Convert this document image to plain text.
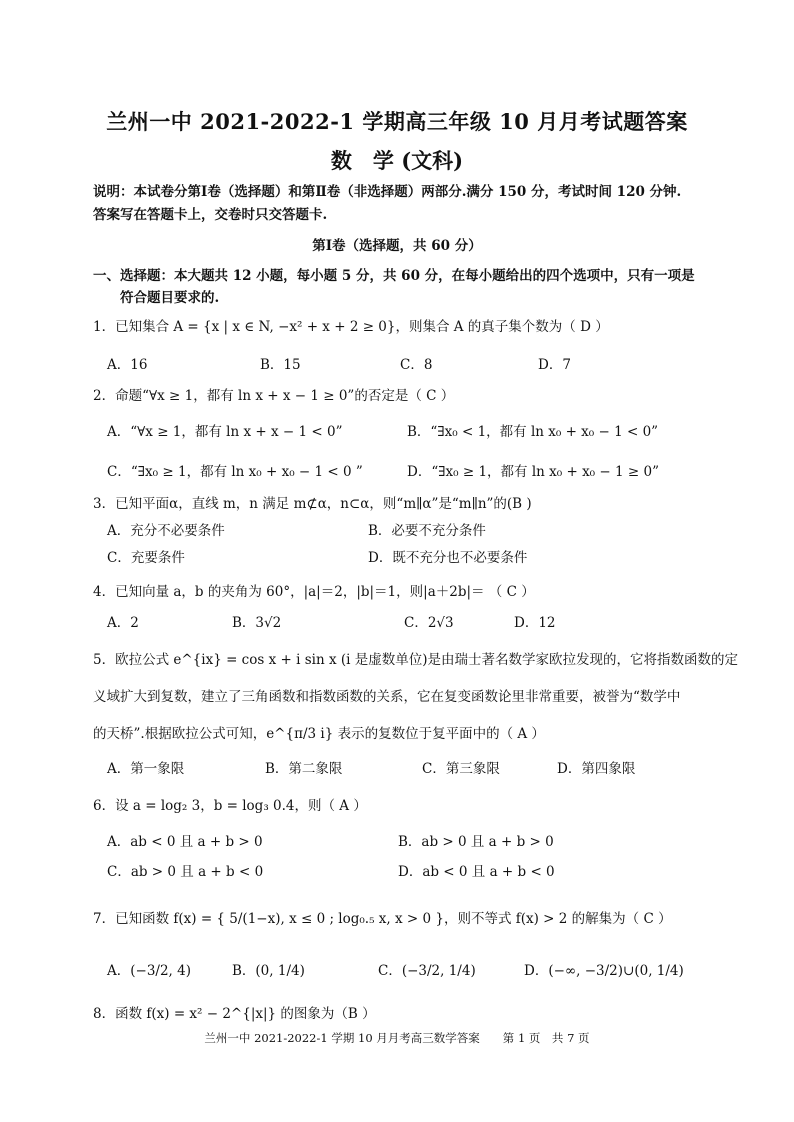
兰州一中 2021-2022-1 学期高三年级 10 月月考试题答案
数　学 (文科)
说明：本试卷分第Ⅰ卷（选择题）和第Ⅱ卷（非选择题）两部分.满分 150 分，考试时间 120 分钟.
答案写在答题卡上，交卷时只交答题卡.
第Ⅰ卷（选择题，共 60 分）
一、选择题：本大题共 12 小题，每小题 5 分，共 60 分，在每小题给出的四个选项中，只有一项是
符合题目要求的.
1．已知集合 A = {x | x ∈ N, −x² + x + 2 ≥ 0}，则集合 A 的真子集个数为（ D ）
A．16	B．15	C．8	D．7
2．命题“∀x ≥ 1，都有 ln x + x − 1 ≥ 0”的否定是（ C ）
A．“∀x ≥ 1，都有 ln x + x − 1 < 0”	B．“∃x₀ < 1，都有 ln x₀ + x₀ − 1 < 0”
C．“∃x₀ ≥ 1，都有 ln x₀ + x₀ − 1 < 0 ”	D．“∃x₀ ≥ 1，都有 ln x₀ + x₀ − 1 ≥ 0”
3．已知平面α，直线 m，n 满足 m⊄α，n⊂α，则“m∥α”是“m∥n”的(B )
A．充分不必要条件	B．必要不充分条件
C．充要条件	D．既不充分也不必要条件
4．已知向量 a，b 的夹角为 60°，|a|＝2，|b|＝1，则|a＋2b|＝ （ C ）
A．2	B．3√2	C．2√3	D．12
5．欧拉公式 e^{ix} = cos x + i sin x (i 是虚数单位)是由瑞士著名数学家欧拉发现的，它将指数函数的定
义域扩大到复数，建立了三角函数和指数函数的关系，它在复变函数论里非常重要，被誉为“数学中
的天桥”.根据欧拉公式可知，e^{π/3 i} 表示的复数位于复平面中的（ A ）
A．第一象限	B．第二象限	C．第三象限	D．第四象限
6．设 a = log₂ 3，b = log₃ 0.4，则（ A ）
A．ab < 0 且 a + b > 0	B．ab > 0 且 a + b > 0
C．ab > 0 且 a + b < 0	D．ab < 0 且 a + b < 0
7．已知函数 f(x) = { 5/(1−x), x ≤ 0 ; log₀.₅ x, x > 0 }，则不等式 f(x) > 2 的解集为（ C ）
A．(−3/2, 4)	B．(0, 1/4)	C．(−3/2, 1/4)	D．(−∞, −3/2)∪(0, 1/4)
8．函数 f(x) = x² − 2^{|x|} 的图象为（B ）
兰州一中 2021-2022-1 学期 10 月月考高三数学答案　　第 1 页　共 7 页
